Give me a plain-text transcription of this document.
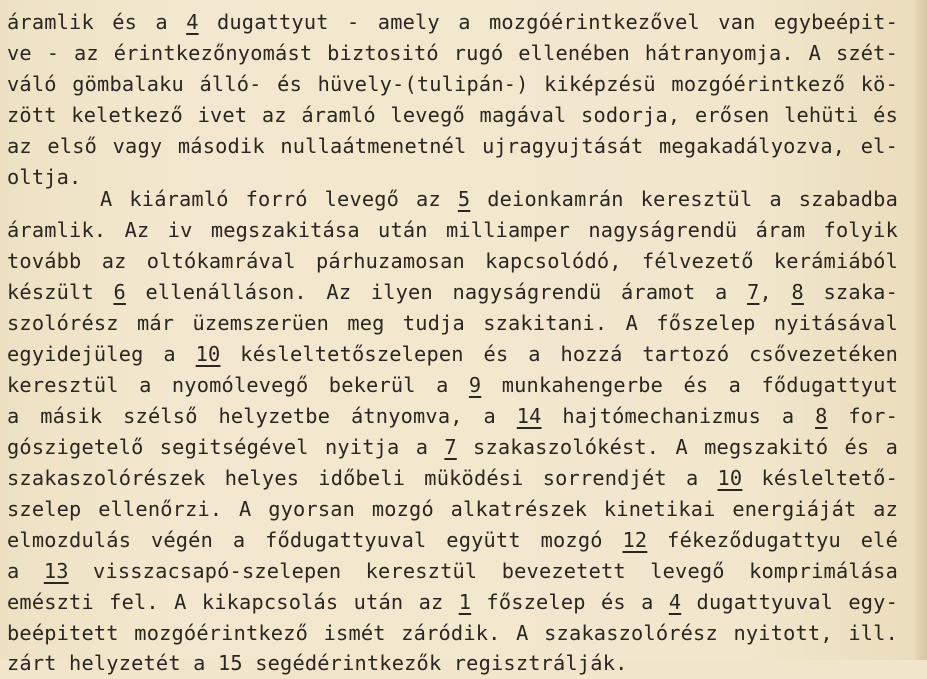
áramlik és a 4 dugattyut - amely a mozgóérintkezővel van egybeépit-
ve - az érintkezőnyomást biztositó rugó ellenében hátranyomja. A szét-
váló gömbalaku álló- és hüvely-(tulipán-) kiképzésü mozgóérintkező kö-
zött keletkező ivet az áramló levegő magával sodorja, erősen lehüti és
az első vagy második nullaátmenetnél ujragyujtását megakadályozva, el-
oltja.
A kiáramló forró levegő az 5 deionkamrán keresztül a szabadba
áramlik. Az iv megszakitása után milliamper nagyságrendü áram folyik
tovább az oltókamrával párhuzamosan kapcsolódó, félvezető kerámiából
készült 6 ellenálláson. Az ilyen nagyságrendü áramot a 7, 8 szaka-
szolórész már üzemszerüen meg tudja szakitani. A főszelep nyitásával
egyidejüleg a 10 késleltetőszelepen és a hozzá tartozó csővezetéken
keresztül a nyomólevegő bekerül a 9 munkahengerbe és a fődugattyut
a másik szélső helyzetbe átnyomva, a 14 hajtómechanizmus a 8 for-
gószigetelő segitségével nyitja a 7 szakaszolókést. A megszakitó és a
szakaszolórészek helyes időbeli müködési sorrendjét a 10 késleltető-
szelep ellenőrzi. A gyorsan mozgó alkatrészek kinetikai energiáját az
elmozdulás végén a fődugattyuval együtt mozgó 12 fékeződugattyu elé
a 13 visszacsapó-szelepen keresztül bevezetett levegő komprimálása
emészti fel. A kikapcsolás után az 1 főszelep és a 4 dugattyuval egy-
beépitett mozgóérintkező ismét záródik. A szakaszolórész nyitott, ill.
zárt helyzetét a 15 segédérintkezők regisztrálják.
